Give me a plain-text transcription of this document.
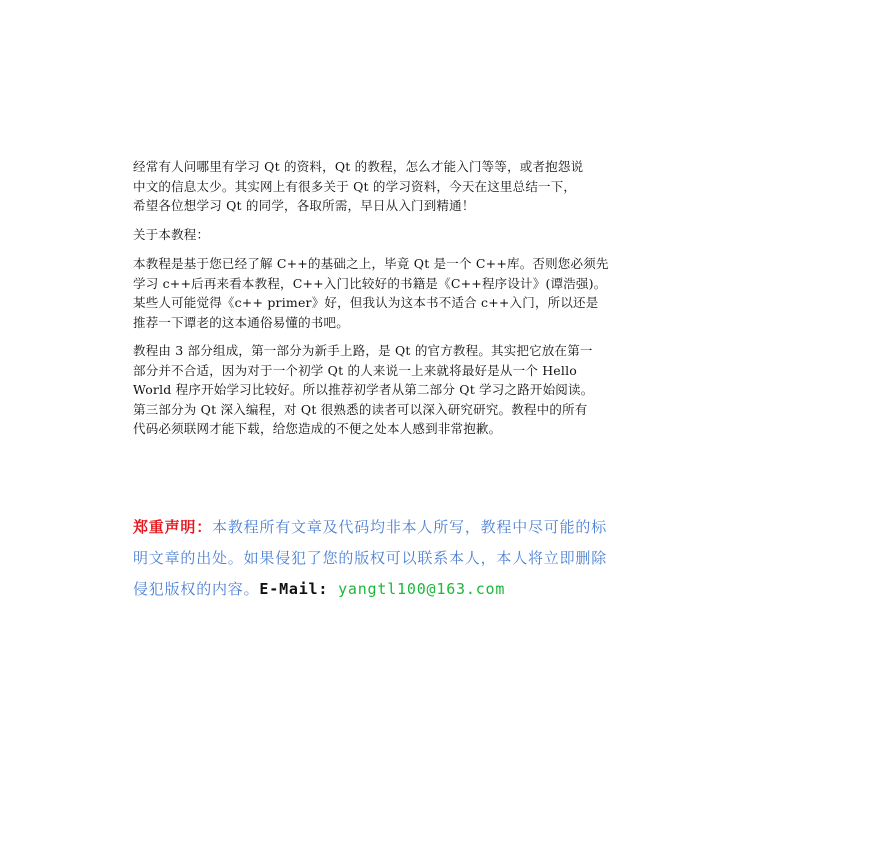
经常有人问哪里有学习 Qt 的资料，Qt 的教程，怎么才能入门等等，或者抱怨说
中文的信息太少。其实网上有很多关于 Qt 的学习资料，今天在这里总结一下，
希望各位想学习 Qt 的同学，各取所需，早日从入门到精通！

关于本教程：

本教程是基于您已经了解 C++的基础之上，毕竟 Qt 是一个 C++库。否则您必须先
学习 c++后再来看本教程，C++入门比较好的书籍是《C++程序设计》(谭浩强)。
某些人可能觉得《c++ primer》好，但我认为这本书不适合 c++入门，所以还是
推荐一下谭老的这本通俗易懂的书吧。

教程由 3 部分组成，第一部分为新手上路，是 Qt 的官方教程。其实把它放在第一
部分并不合适，因为对于一个初学 Qt 的人来说一上来就将最好是从一个 Hello
World 程序开始学习比较好。所以推荐初学者从第二部分 Qt 学习之路开始阅读。
第三部分为 Qt 深入编程，对 Qt 很熟悉的读者可以深入研究研究。教程中的所有
代码必须联网才能下载，给您造成的不便之处本人感到非常抱歉。

郑重声明：本教程所有文章及代码均非本人所写，教程中尽可能的标
明文章的出处。如果侵犯了您的版权可以联系本人，本人将立即删除
侵犯版权的内容。E-Mail: yangtl100@163.com
